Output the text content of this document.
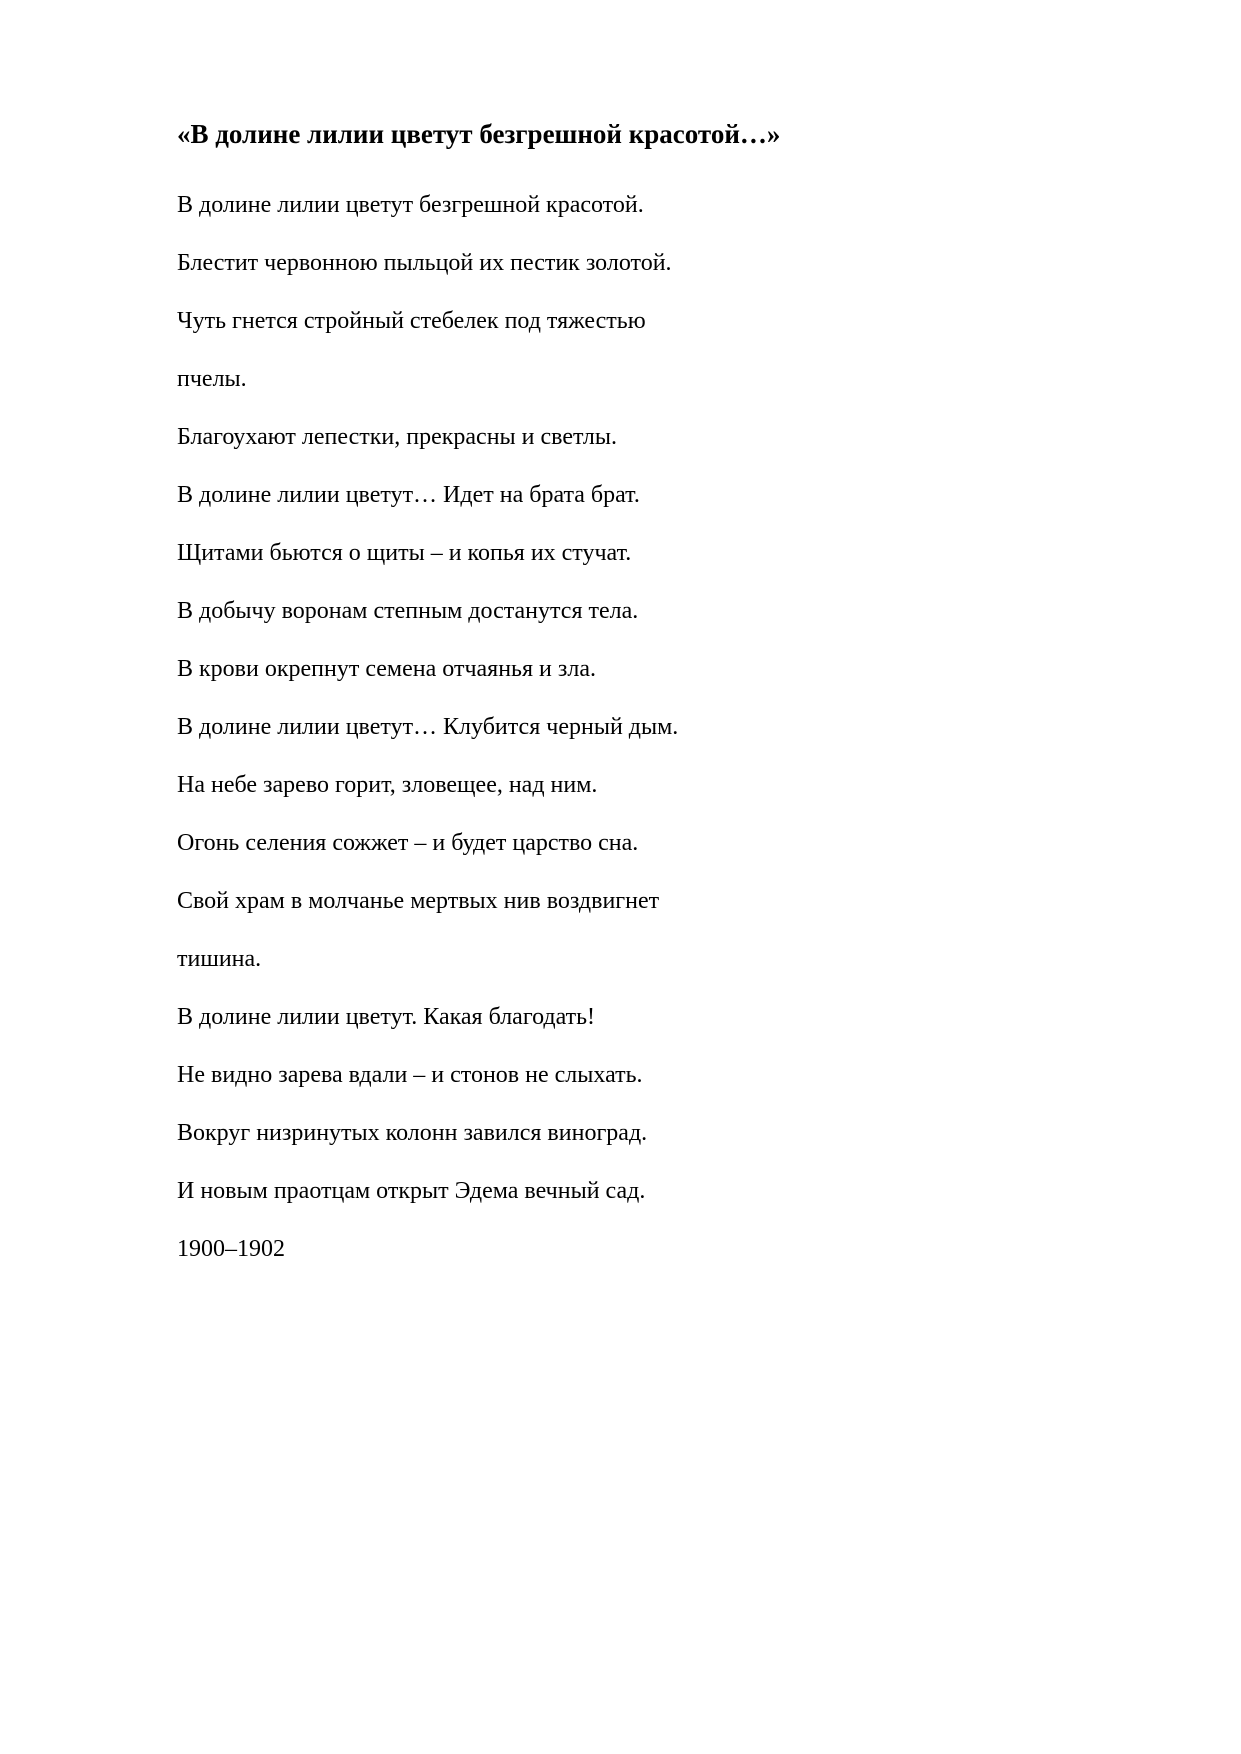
«В долине лилии цветут безгрешной красотой…»
В долине лилии цветут безгрешной красотой.
Блестит червонною пыльцой их пестик золотой.
Чуть гнется стройный стебелек под тяжестью
пчелы.
Благоухают лепестки, прекрасны и светлы.
В долине лилии цветут… Идет на брата брат.
Щитами бьются о щиты – и копья их стучат.
В добычу воронам степным достанутся тела.
В крови окрепнут семена отчаянья и зла.
В долине лилии цветут… Клубится черный дым.
На небе зарево горит, зловещее, над ним.
Огонь селения сожжет – и будет царство сна.
Свой храм в молчанье мертвых нив воздвигнет
тишина.
В долине лилии цветут. Какая благодать!
Не видно зарева вдали – и стонов не слыхать.
Вокруг низринутых колонн завился виноград.
И новым праотцам открыт Эдема вечный сад.
1900–1902
